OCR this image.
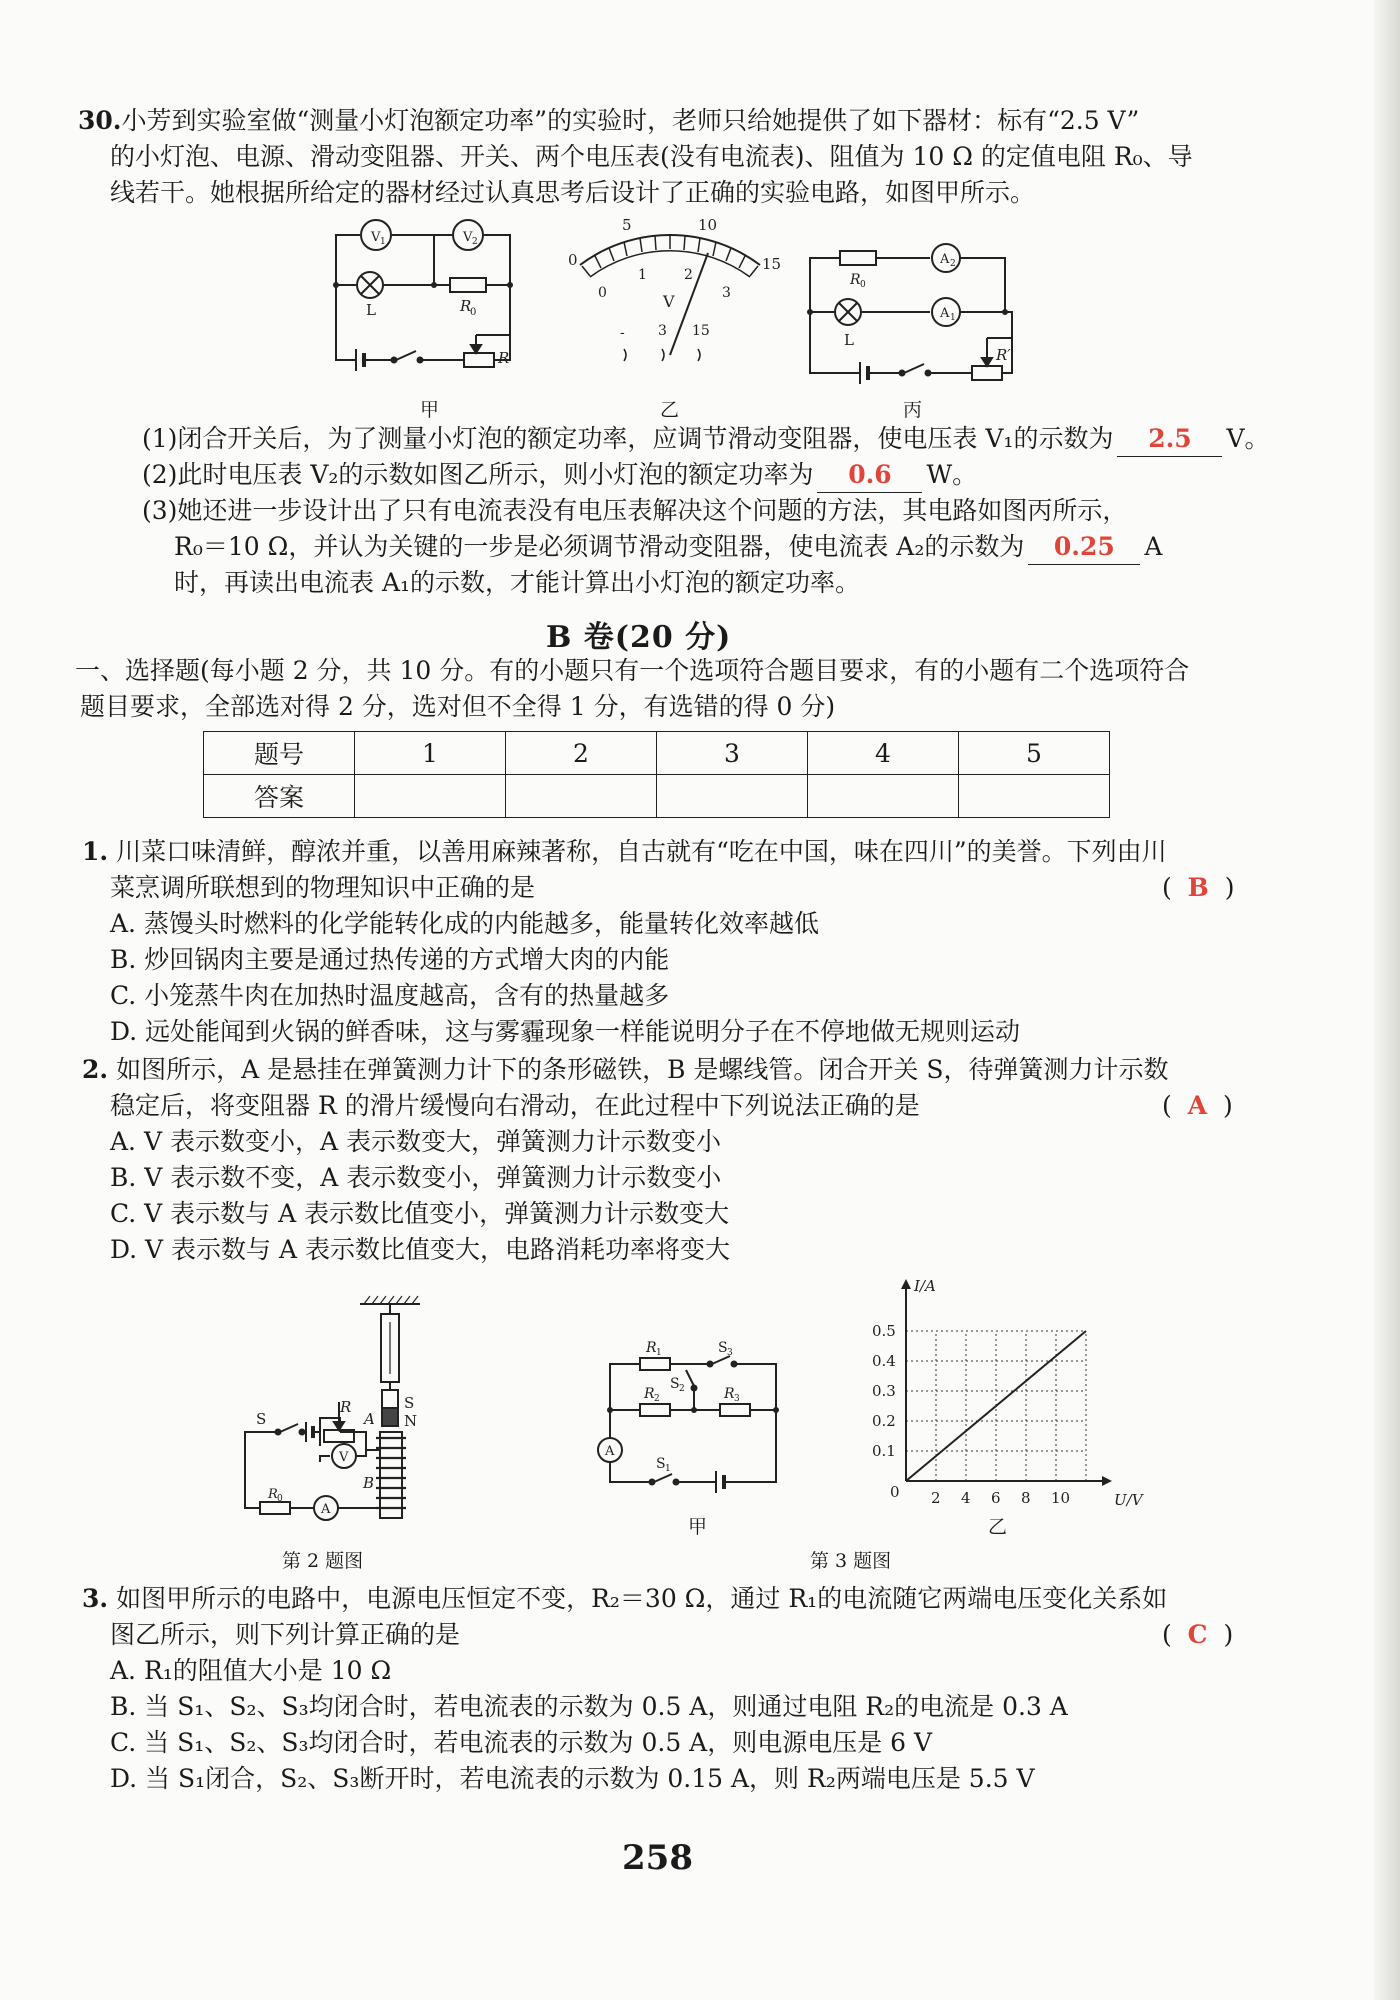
30.小芳到实验室做“测量小灯泡额定功率”的实验时，老师只给她提供了如下器材：标有“2.5 V”
的小灯泡、电源、滑动变阻器、开关、两个电压表(没有电流表)、阻值为 10 Ω 的定值电阻 R₀、导
线若干。她根据所给定的器材经过认真思考后设计了正确的实验电路，如图甲所示。
V 1	V 2
L	R
0
R
甲
0
5	10
15
0
1	2
3
V
- 3 15
乙
A 2
A 1
R 0
L
R′
丙
(1)闭合开关后，为了测量小灯泡的额定功率，应调节滑动变阻器，使电压表 V₁的示数为 2.5 V。
(2)此时电压表 V₂的示数如图乙所示，则小灯泡的额定功率为 0.6 W。
(3)她还进一步设计出了只有电流表没有电压表解决这个问题的方法，其电路如图丙所示，
R₀＝10 Ω，并认为关键的一步是必须调节滑动变阻器，使电流表 A₂的示数为 0.25 A
时，再读出电流表 A₁的示数，才能计算出小灯泡的额定功率。
B 卷(20 分)
一、选择题(每小题 2 分，共 10 分。有的小题只有一个选项符合题目要求，有的小题有二个选项符合
题目要求，全部选对得 2 分，选对但不全得 1 分，有选错的得 0 分)
题号	1	2	3	4	5
答案					
1. 川菜口味清鲜，醇浓并重，以善用麻辣著称，自古就有“吃在中国，味在四川”的美誉。下列由川
菜烹调所联想到的物理知识中正确的是	(  B  )
A. 蒸馒头时燃料的化学能转化成的内能越多，能量转化效率越低
B. 炒回锅肉主要是通过热传递的方式增大肉的内能
C. 小笼蒸牛肉在加热时温度越高，含有的热量越多
D. 远处能闻到火锅的鲜香味，这与雾霾现象一样能说明分子在不停地做无规则运动
2. 如图所示，A 是悬挂在弹簧测力计下的条形磁铁，B 是螺线管。闭合开关 S，待弹簧测力计示数
稳定后，将变阻器 R 的滑片缓慢向右滑动，在此过程中下列说法正确的是	(  A  )
A. V 表示数变小，A 表示数变大，弹簧测力计示数变小
B. V 表示数不变，A 表示数变小，弹簧测力计示数变小
C. V 表示数与 A 表示数比值变小，弹簧测力计示数变大
D. V 表示数与 A 表示数比值变大，电路消耗功率将变大
S
N
A
B
R
S
V
A
R 0
第 2 题图
R 1	S 3
R 2
S 2	R 3
A
S 1
甲
2 4 6 8 10
0.1
0.2
0.3
0.4
0.5
U/V
I/A
0
乙
第 3 题图
3. 如图甲所示的电路中，电源电压恒定不变，R₂＝30 Ω，通过 R₁的电流随它两端电压变化关系如
图乙所示，则下列计算正确的是	(  C  )
A. R₁的阻值大小是 10 Ω
B. 当 S₁、S₂、S₃均闭合时，若电流表的示数为 0.5 A，则通过电阻 R₂的电流是 0.3 A
C. 当 S₁、S₂、S₃均闭合时，若电流表的示数为 0.5 A，则电源电压是 6 V
D. 当 S₁闭合，S₂、S₃断开时，若电流表的示数为 0.15 A，则 R₂两端电压是 5.5 V
258
